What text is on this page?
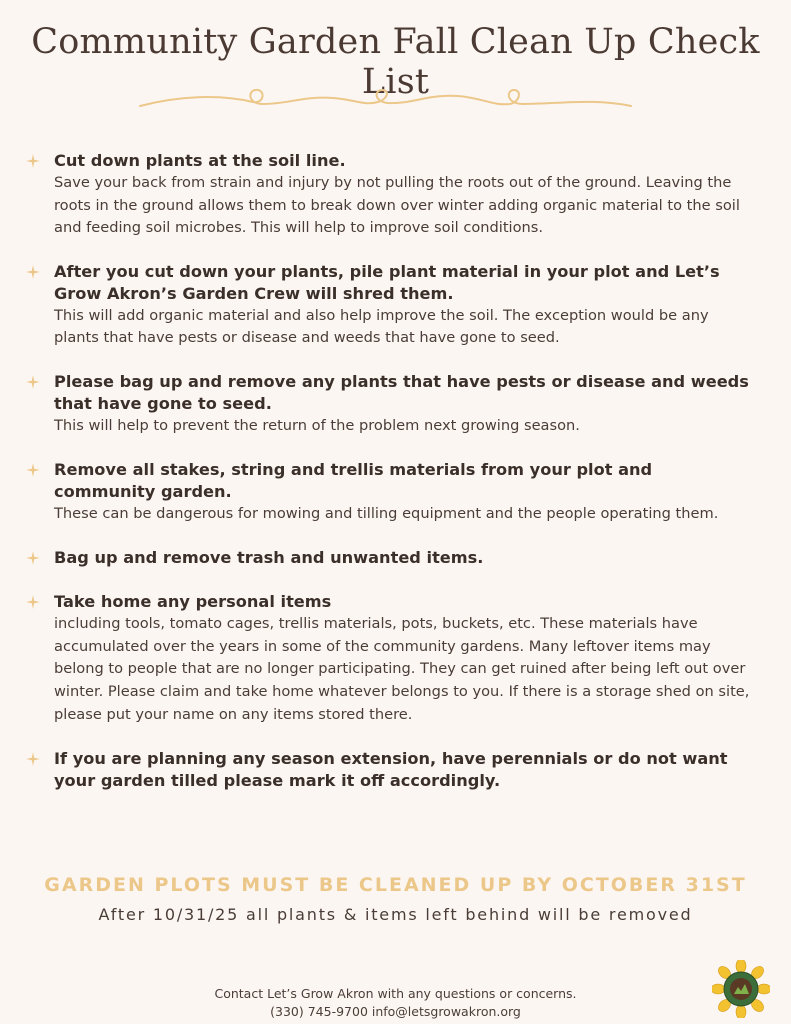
Community Garden Fall Clean Up Check List
Cut down plants at the soil line.
Save your back from strain and injury by not pulling the roots out of the ground. Leaving the roots in the ground allows them to break down over winter adding organic material to the soil and feeding soil microbes. This will help to improve soil conditions.
After you cut down your plants, pile plant material in your plot and Let’s Grow Akron’s Garden Crew will shred them.
This will add organic material and also help improve the soil. The exception would be any plants that have pests or disease and weeds that have gone to seed.
Please bag up and remove any plants that have pests or disease and weeds that have gone to seed.
This will help to prevent the return of the problem next growing season.
Remove all stakes, string and trellis materials from your plot and community garden.
These can be dangerous for mowing and tilling equipment and the people operating them.
Bag up and remove trash and unwanted items.
Take home any personal items
including tools, tomato cages, trellis materials, pots, buckets, etc. These materials have accumulated over the years in some of the community gardens. Many leftover items may belong to people that are no longer participating. They can get ruined after being left out over winter. Please claim and take home whatever belongs to you. If there is a storage shed on site, please put your name on any items stored there.
If you are planning any season extension, have perennials or do not want your garden tilled please mark it off accordingly.
GARDEN PLOTS MUST BE CLEANED UP BY OCTOBER 31ST
After 10/31/25 all plants & items left behind will be removed
Contact Let’s Grow Akron with any questions or concerns.
(330) 745-9700 info@letsgrowakron.org
